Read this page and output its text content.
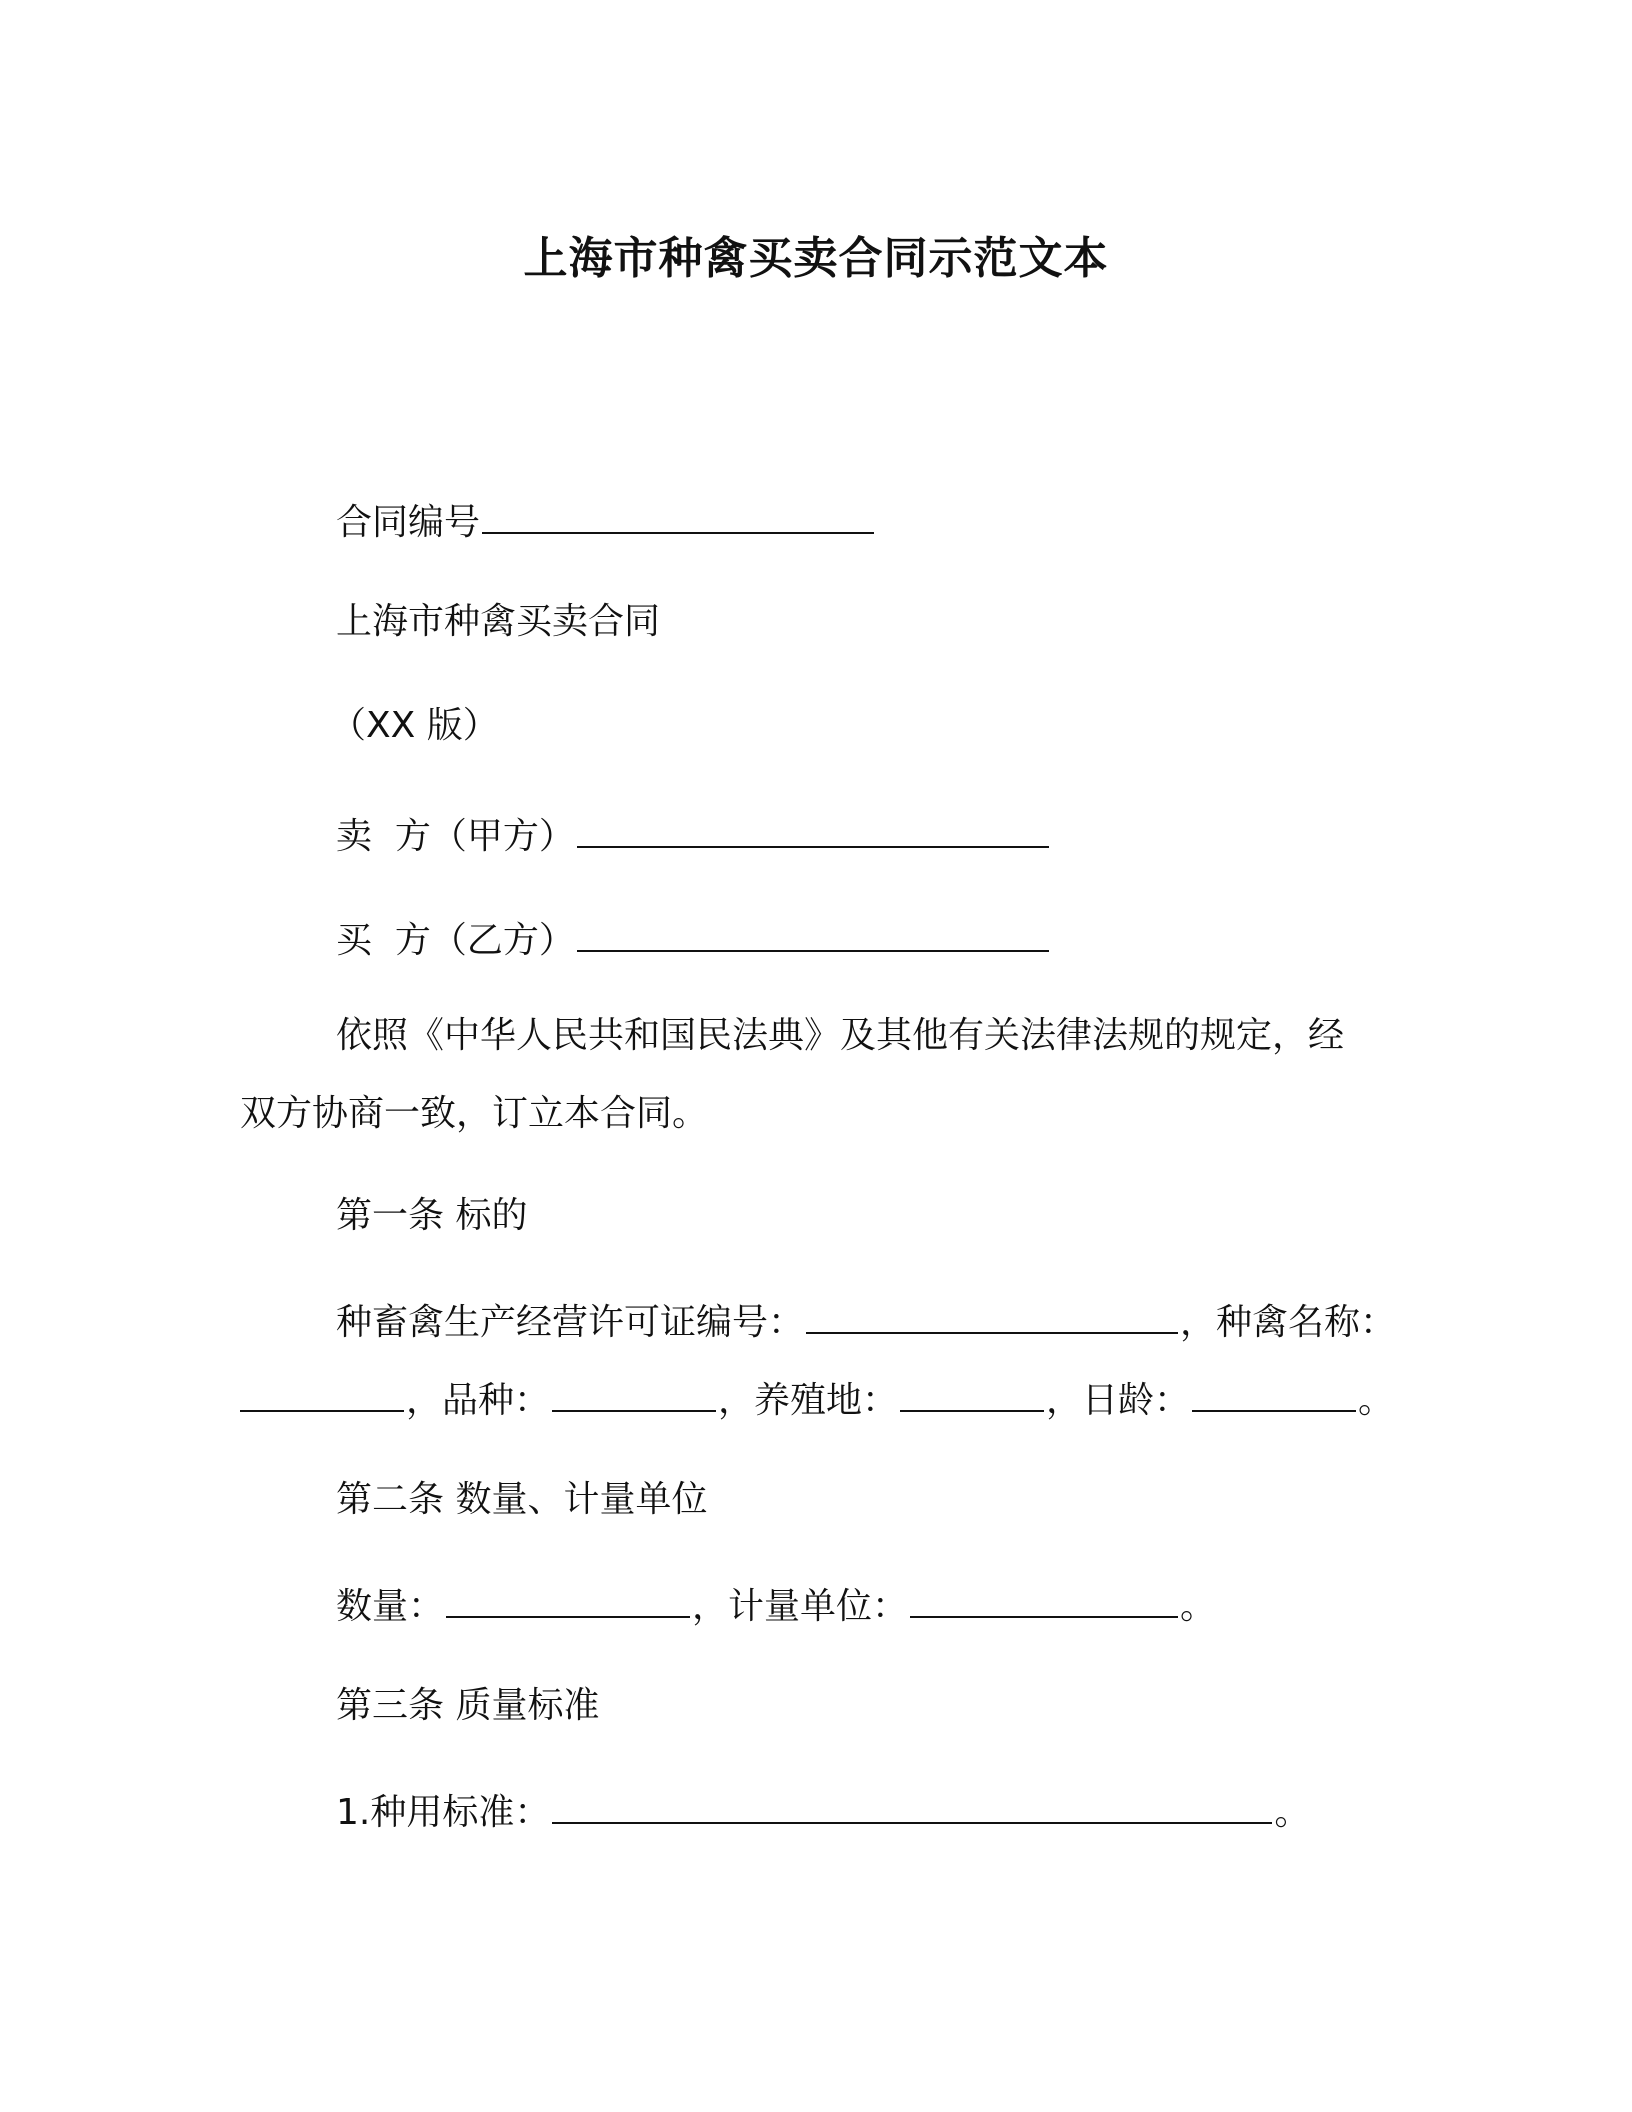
上海市种禽买卖合同示范文本
合同编号
上海市种禽买卖合同
（XX 版）
卖  方（甲方）
买  方（乙方）
依照《中华人民共和国民法典》及其他有关法律法规的规定，经
双方协商一致，订立本合同。
第一条 标的
种畜禽生产经营许可证编号：	，种禽名称：
，品种：	，养殖地：	，日龄：	。
第二条 数量、计量单位
数量：	，计量单位：	。
第三条 质量标准
1.种用标准：	。
